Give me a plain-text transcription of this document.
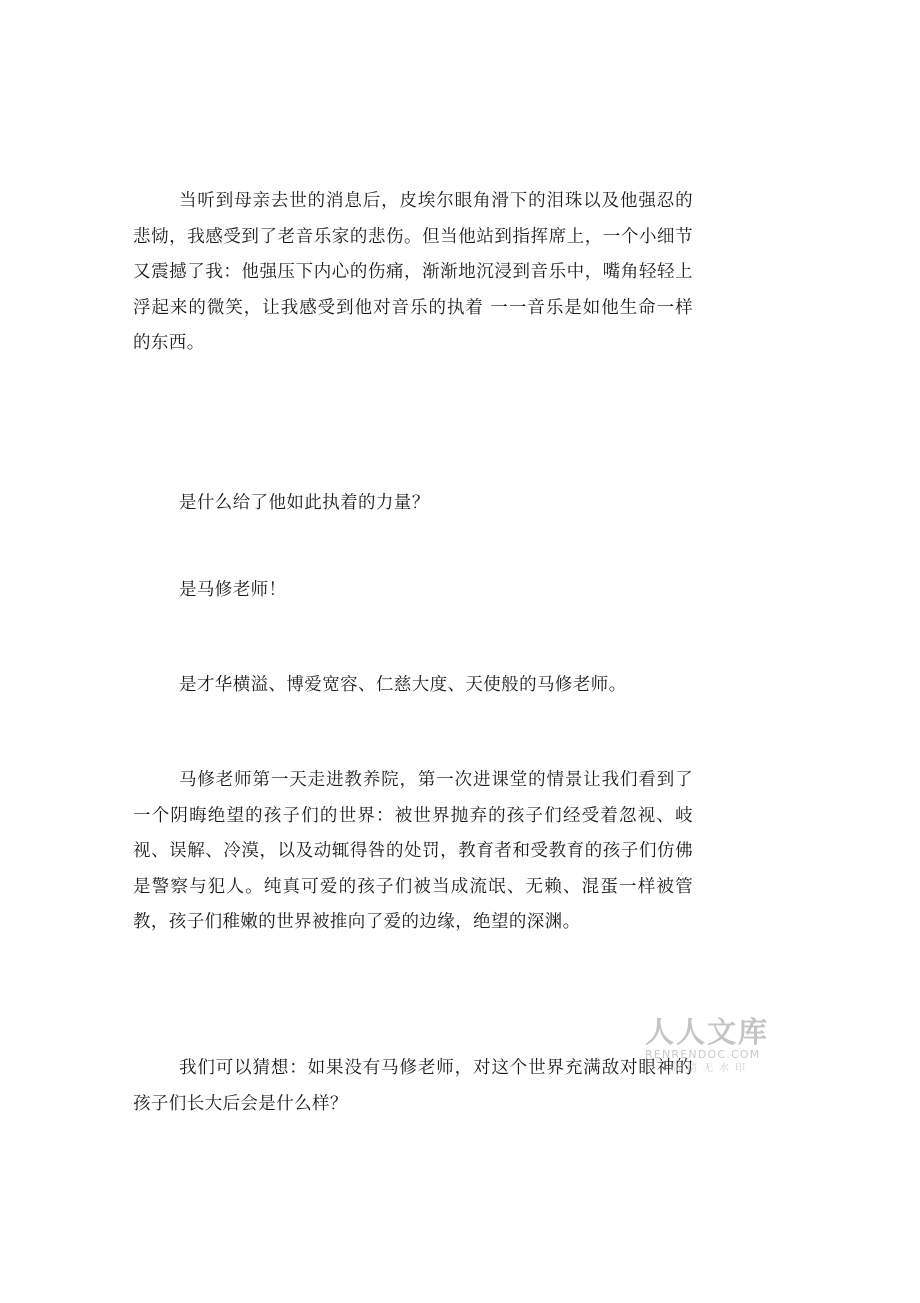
当听到母亲去世的消息后，皮埃尔眼角滑下的泪珠以及他强忍的悲恸，我感受到了老音乐家的悲伤。但当他站到指挥席上，一个小细节又震撼了我：他强压下内心的伤痛，渐渐地沉浸到音乐中，嘴角轻轻上浮起来的微笑，让我感受到他对音乐的执着 一一音乐是如他生命一样的东西。

是什么给了他如此执着的力量？

是马修老师！

是才华横溢、博爱宽容、仁慈大度、天使般的马修老师。

马修老师第一天走进教养院，第一次进课堂的情景让我们看到了一个阴晦绝望的孩子们的世界：被世界抛弃的孩子们经受着忽视、岐视、误解、冷漠，以及动辄得咎的处罚，教育者和受教育的孩子们仿佛是警察与犯人。纯真可爱的孩子们被当成流氓、无赖、混蛋一样被管教，孩子们稚嫩的世界被推向了爱的边缘，绝望的深渊。

我们可以猜想：如果没有马修老师，对这个世界充满敌对眼神的孩子们长大后会是什么样？

人人文库
RENRENDOC.COM
高清无水印
